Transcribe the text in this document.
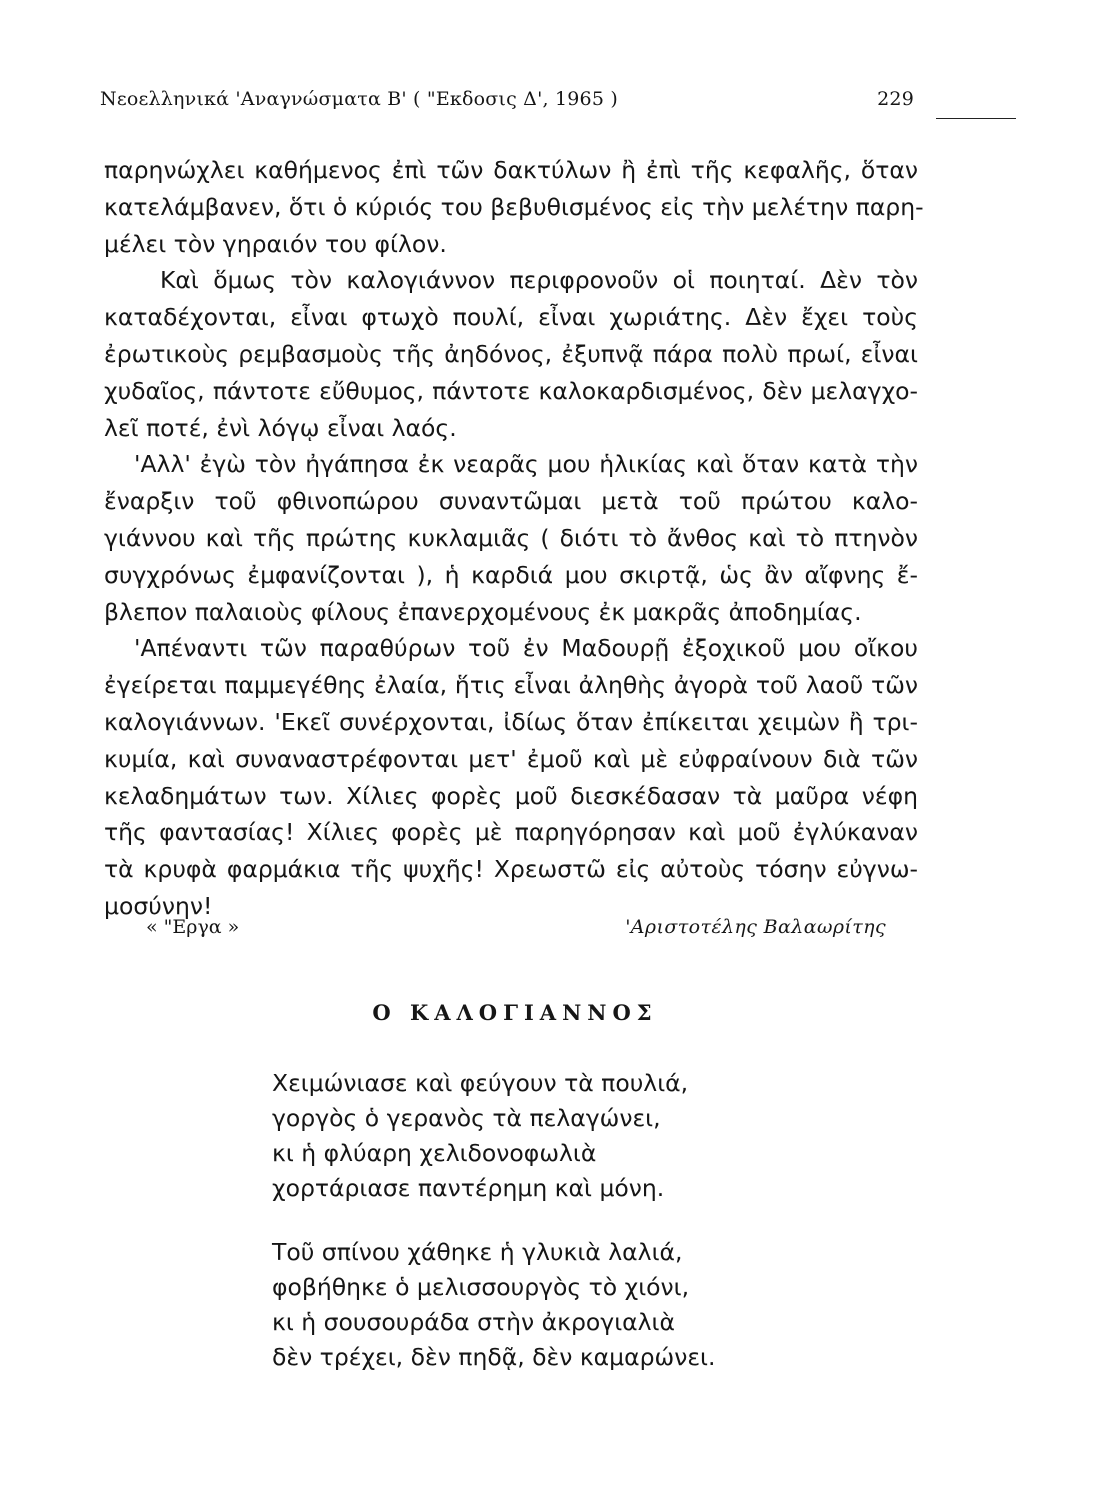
Νεοελληνικά 'Αναγνώσματα Β' ( "Εκδοσις Δ', 1965 )	229
παρηνώχλει καθήμενος ἐπὶ τῶν δακτύλων ἢ ἐπὶ τῆς κεφαλῆς, ὅταν
κατελάμβανεν, ὅτι ὁ κύριός του βεβυθισμένος εἰς τὴν μελέτην παρη-
μέλει τὸν γηραιόν του φίλον.
Καὶ ὅμως τὸν καλογιάννον περιφρονοῦν οἱ ποιηταί. Δὲν τὸν
καταδέχονται, εἶναι φτωχὸ πουλί, εἶναι χωριάτης. Δὲν ἔχει τοὺς
ἐρωτικοὺς ρεμβασμοὺς τῆς ἀηδόνος, ἐξυπνᾷ πάρα πολὺ πρωί, εἶναι
χυδαῖος, πάντοτε εὔθυμος, πάντοτε καλοκαρδισμένος, δὲν μελαγχο-
λεῖ ποτέ, ἐνὶ λόγῳ εἶναι λαός.
'Αλλ' ἐγὼ τὸν ἠγάπησα ἐκ νεαρᾶς μου ἡλικίας καὶ ὅταν κατὰ τὴν
ἔναρξιν τοῦ φθινοπώρου συναντῶμαι μετὰ τοῦ πρώτου καλο-
γιάννου καὶ τῆς πρώτης κυκλαμιᾶς ( διότι τὸ ἄνθος καὶ τὸ πτηνὸν
συγχρόνως ἐμφανίζονται ), ἡ καρδιά μου σκιρτᾷ, ὡς ἂν αἴφνης ἔ-
βλεπον παλαιοὺς φίλους ἐπανερχομένους ἐκ μακρᾶς ἀποδημίας.
'Απέναντι τῶν παραθύρων τοῦ ἐν Μαδουρῇ ἐξοχικοῦ μου οἴκου
ἐγείρεται παμμεγέθης ἐλαία, ἥτις εἶναι ἀληθὴς ἀγορὰ τοῦ λαοῦ τῶν
καλογιάννων. 'Εκεῖ συνέρχονται, ἰδίως ὅταν ἐπίκειται χειμὼν ἢ τρι-
κυμία, καὶ συναναστρέφονται μετ' ἐμοῦ καὶ μὲ εὐφραίνουν διὰ τῶν
κελαδημάτων των. Χίλιες φορὲς μοῦ διεσκέδασαν τὰ μαῦρα νέφη
τῆς φαντασίας! Χίλιες φορὲς μὲ παρηγόρησαν καὶ μοῦ ἐγλύκαναν
τὰ κρυφὰ φαρμάκια τῆς ψυχῆς! Χρεωστῶ εἰς αὐτοὺς τόσην εὐγνω-
μοσύνην!
« "Εργα »	'Αριστοτέλης Βαλαωρίτης
Ο ΚΑΛΟΓΙΑΝΝΟΣ
Χειμώνιασε καὶ φεύγουν τὰ πουλιά,
γοργὸς ὁ γερανὸς τὰ πελαγώνει,
κι ἡ φλύαρη χελιδονοφωλιὰ
χορτάριασε παντέρημη καὶ μόνη.
Τοῦ σπίνου χάθηκε ἡ γλυκιὰ λαλιά,
φοβήθηκε ὁ μελισσουργὸς τὸ χιόνι,
κι ἡ σουσουράδα στὴν ἀκρογιαλιὰ
δὲν τρέχει, δὲν πηδᾷ, δὲν καμαρώνει.
